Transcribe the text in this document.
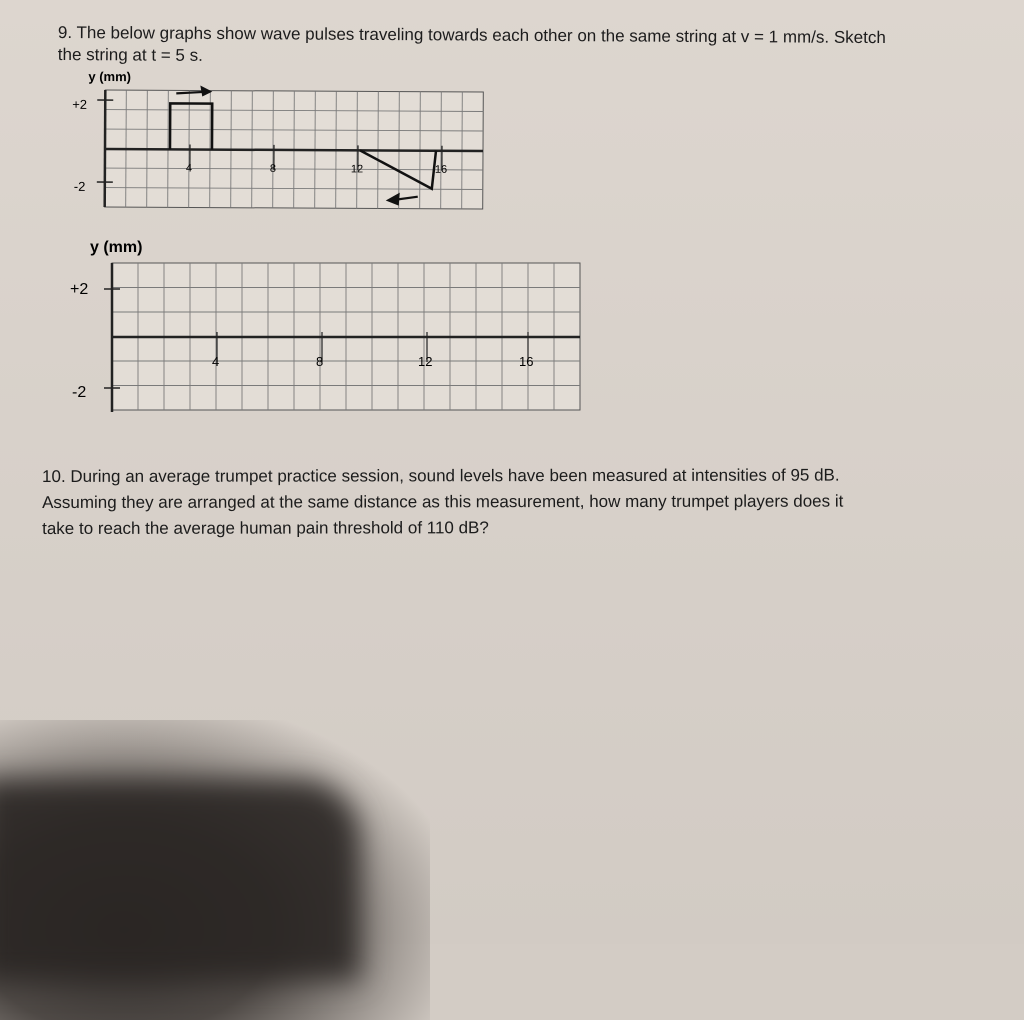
9. The below graphs show wave pulses traveling towards each other on the same string at v = 1 mm/s. Sketch
the string at t = 5 s.
y (mm)
+2
-2
4	8	12	16
y (mm)
+2
-2
4	8	12	16
10. During an average trumpet practice session, sound levels have been measured at intensities of 95 dB.
Assuming they are arranged at the same distance as this measurement, how many trumpet players does it
take to reach the average human pain threshold of 110 dB?
